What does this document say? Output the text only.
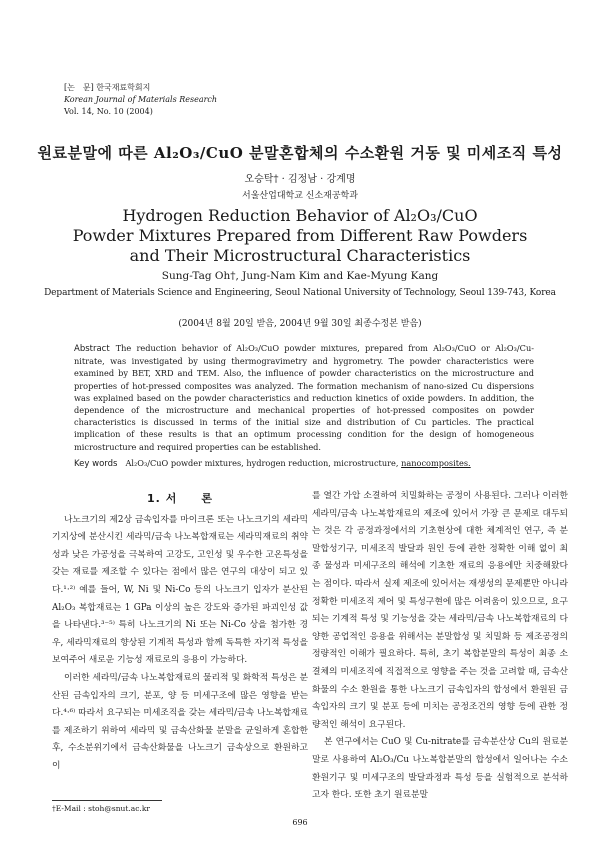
[논　문] 한국재료학회지
Korean Journal of Materials Research
Vol. 14, No. 10 (2004)
원료분말에 따른 Al₂O₃/CuO 분말혼합체의 수소환원 거동 및 미세조직 특성
오승탁† · 김정남 · 강계명
서울산업대학교 신소재공학과
Hydrogen Reduction Behavior of Al₂O₃/CuO
Powder Mixtures Prepared from Different Raw Powders
and Their Microstructural Characteristics
Sung-Tag Oh†, Jung-Nam Kim and Kae-Myung Kang
Department of Materials Science and Engineering, Seoul National University of Technology, Seoul 139-743, Korea
(2004년 8월 20일 받음, 2004년 9월 30일 최종수정본 받음)
Abstract The reduction behavior of Al₂O₃/CuO powder mixtures, prepared from Al₂O₃/CuO or Al₂O₃/Cu-nitrate, was investigated by using thermogravimetry and hygrometry. The powder characteristics were examined by BET, XRD and TEM. Also, the influence of powder characteristics on the microstructure and properties of hot-pressed composites was analyzed. The formation mechanism of nano-sized Cu dispersions was explained based on the powder characteristics and reduction kinetics of oxide powders. In addition, the dependence of the microstructure and mechanical properties of hot-pressed composites on powder characteristics is discussed in terms of the initial size and distribution of Cu particles. The practical implication of these results is that an optimum processing condition for the design of homogeneous microstructure and required properties can be established.
Key words Al₂O₃/CuO powder mixtures, hydrogen reduction, microstructure, nanocomposites.
1. 서　　론

나노크기의 제2상 금속입자를 마이크론 또는 나노크기의 세라믹 기지상에 분산시킨 세라믹/금속 나노복합재료는 세라믹재료의 취약성과 낮은 가공성을 극복하여 고강도, 고인성 및 우수한 고온특성을 갖는 재료를 제조할 수 있다는 점에서 많은 연구의 대상이 되고 있다.¹·²⁾ 예를 들어, W, Ni 및 Ni-Co 등의 나노크기 입자가 분산된 Al₂O₃ 복합재료는 1 GPa 이상의 높은 강도와 증가된 파괴인성 값을 나타낸다.³⁻⁵⁾ 특히 나노크기의 Ni 또는 Ni-Co 상을 첨가한 경우, 세라믹재료의 향상된 기계적 특성과 함께 독특한 자기적 특성을 보여주어 새로운 기능성 재료로의 응용이 가능하다.

이러한 세라믹/금속 나노복합재료의 물리적 및 화학적 특성은 분산된 금속입자의 크기, 분포, 양 등 미세구조에 많은 영향을 받는다.⁴·⁶⁾ 따라서 요구되는 미세조직을 갖는 세라믹/금속 나노복합재료를 제조하기 위하여 세라믹 및 금속산화물 분말을 균일하게 혼합한 후, 수소분위기에서 금속산화물을 나노크기 금속상으로 환원하고 이

를 열간 가압 소결하여 치밀화하는 공정이 사용된다. 그러나 이러한 세라믹/금속 나노복합재료의 제조에 있어서 가장 큰 문제로 대두되는 것은 각 공정과정에서의 기초현상에 대한 체계적인 연구, 즉 분말합성기구, 미세조직 발달과 원인 등에 관한 정확한 이해 없이 최종 물성과 미세구조의 해석에 기초한 재료의 응용에만 치중해왔다는 점이다. 따라서 실제 제조에 있어서는 재생성의 문제뿐만 아니라 정확한 미세조직 제어 및 특성구현에 많은 어려움이 있으므로, 요구되는 기계적 특성 및 기능성을 갖는 세라믹/금속 나노복합재료의 다양한 공업적인 응용을 위해서는 분말합성 및 치밀화 등 제조공정의 정량적인 이해가 필요하다. 특히, 초기 복합분말의 특성이 최종 소결체의 미세조직에 직접적으로 영향을 주는 것을 고려할 때, 금속산화물의 수소 환원을 통한 나노크기 금속입자의 합성에서 환원된 금속입자의 크기 및 분포 등에 미치는 공정조건의 영향 등에 관한 정량적인 해석이 요구된다.

본 연구에서는 CuO 및 Cu-nitrate를 금속분산상 Cu의 원료분말로 사용하여 Al₂O₃/Cu 나노복합분말의 합성에서 일어나는 수소 환원기구 및 미세구조의 발달과정과 특성 등을 실험적으로 분석하고자 한다. 또한 초기 원료분말

†E-Mail : stoh@snut.ac.kr
696
